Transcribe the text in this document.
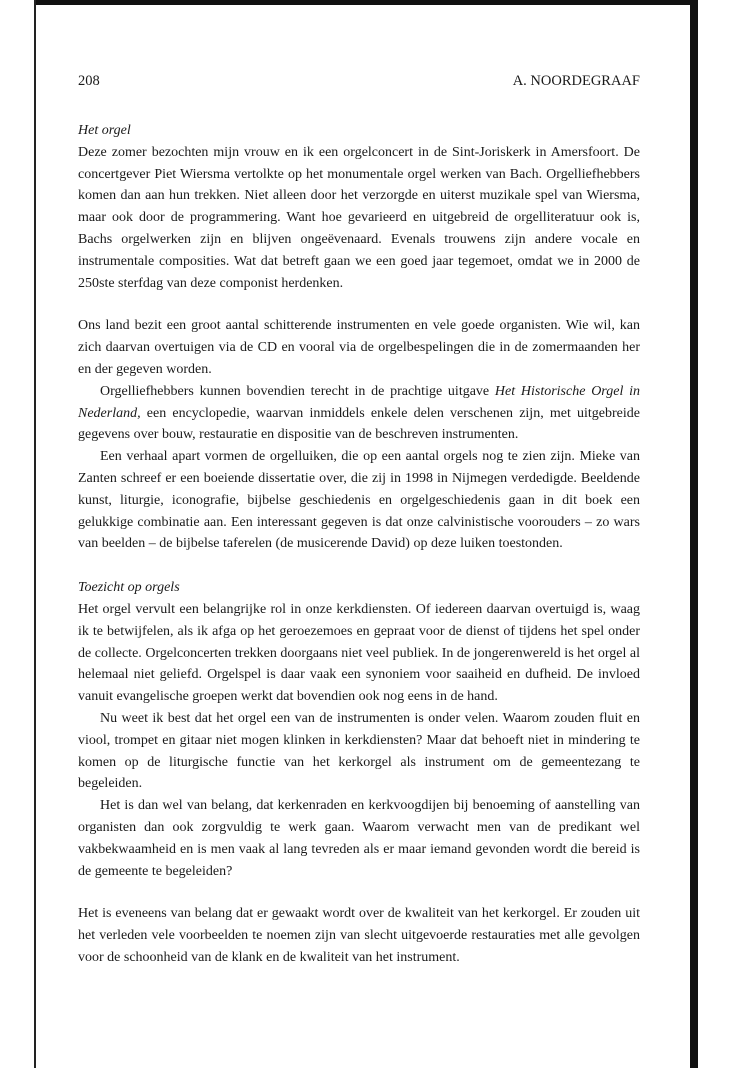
208	A. NOORDEGRAAF
Het orgel

Deze zomer bezochten mijn vrouw en ik een orgelconcert in de Sint-Joriskerk in Amersfoort. De concertgever Piet Wiersma vertolkte op het monumentale orgel werken van Bach. Orgelliefhebbers komen dan aan hun trekken. Niet alleen door het verzorgde en uiterst muzikale spel van Wiersma, maar ook door de programmering. Want hoe gevarieerd en uitgebreid de orgelliteratuur ook is, Bachs orgelwerken zijn en blijven ongeëvenaard. Evenals trouwens zijn andere vocale en instrumentale composities. Wat dat betreft gaan we een goed jaar tegemoet, omdat we in 2000 de 250ste sterfdag van deze componist herdenken.

Ons land bezit een groot aantal schitterende instrumenten en vele goede organisten. Wie wil, kan zich daarvan overtuigen via de CD en vooral via de orgelbespelingen die in de zomermaanden her en der gegeven worden.

Orgelliefhebbers kunnen bovendien terecht in de prachtige uitgave Het Historische Orgel in Nederland, een encyclopedie, waarvan inmiddels enkele delen verschenen zijn, met uitgebreide gegevens over bouw, restauratie en dispositie van de beschreven instrumenten.

Een verhaal apart vormen de orgelluiken, die op een aantal orgels nog te zien zijn. Mieke van Zanten schreef er een boeiende dissertatie over, die zij in 1998 in Nijmegen verdedigde. Beeldende kunst, liturgie, iconografie, bijbelse geschiedenis en orgelgeschiedenis gaan in dit boek een gelukkige combinatie aan. Een interessant gegeven is dat onze calvinistische voorouders – zo wars van beelden – de bijbelse taferelen (de musicerende David) op deze luiken toestonden.

Toezicht op orgels

Het orgel vervult een belangrijke rol in onze kerkdiensten. Of iedereen daarvan overtuigd is, waag ik te betwijfelen, als ik afga op het geroezemoes en gepraat voor de dienst of tijdens het spel onder de collecte. Orgelconcerten trekken doorgaans niet veel publiek. In de jongerenwereld is het orgel al helemaal niet geliefd. Orgelspel is daar vaak een synoniem voor saaiheid en dufheid. De invloed vanuit evangelische groepen werkt dat bovendien ook nog eens in de hand.

Nu weet ik best dat het orgel een van de instrumenten is onder velen. Waarom zouden fluit en viool, trompet en gitaar niet mogen klinken in kerkdiensten? Maar dat behoeft niet in mindering te komen op de liturgische functie van het kerkorgel als instrument om de gemeentezang te begeleiden.

Het is dan wel van belang, dat kerkenraden en kerkvoogdijen bij benoeming of aanstelling van organisten dan ook zorgvuldig te werk gaan. Waarom verwacht men van de predikant wel vakbekwaamheid en is men vaak al lang tevreden als er maar iemand gevonden wordt die bereid is de gemeente te begeleiden?

Het is eveneens van belang dat er gewaakt wordt over de kwaliteit van het kerkorgel. Er zouden uit het verleden vele voorbeelden te noemen zijn van slecht uitgevoerde restauraties met alle gevolgen voor de schoonheid van de klank en de kwaliteit van het instrument.
